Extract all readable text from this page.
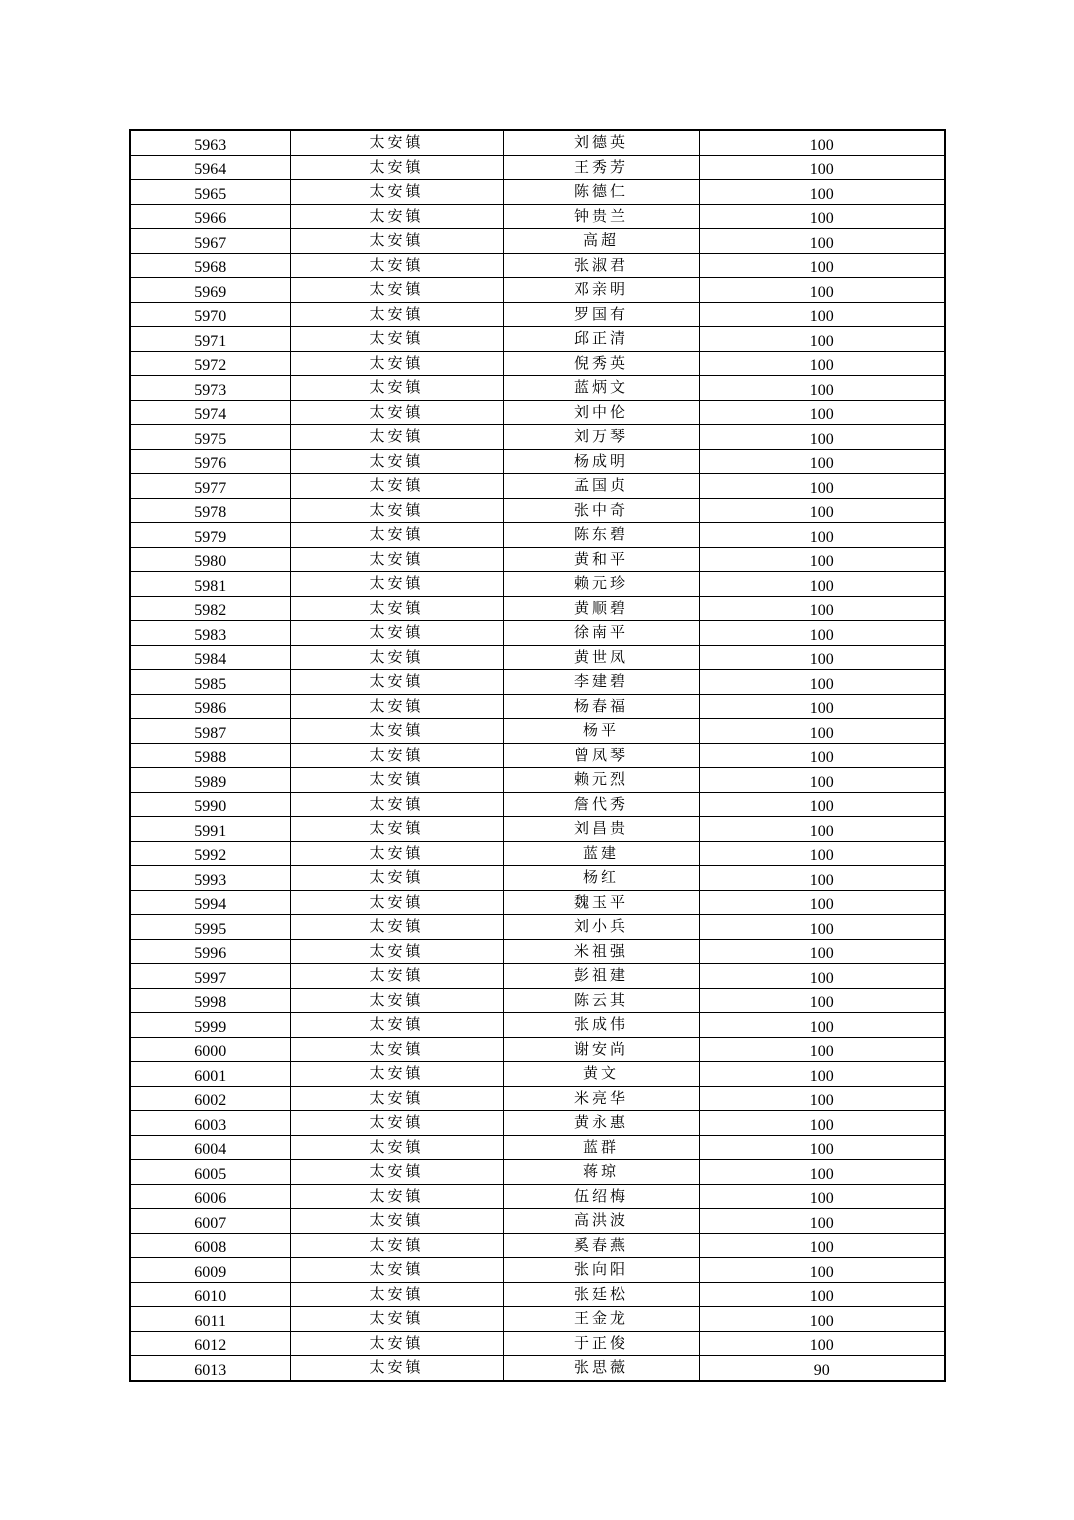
5963	太安镇	刘德英	100
5964	太安镇	王秀芳	100
5965	太安镇	陈德仁	100
5966	太安镇	钟贵兰	100
5967	太安镇	高超	100
5968	太安镇	张淑君	100
5969	太安镇	邓亲明	100
5970	太安镇	罗国有	100
5971	太安镇	邱正清	100
5972	太安镇	倪秀英	100
5973	太安镇	蓝炳文	100
5974	太安镇	刘中伦	100
5975	太安镇	刘万琴	100
5976	太安镇	杨成明	100
5977	太安镇	孟国贞	100
5978	太安镇	张中奇	100
5979	太安镇	陈东碧	100
5980	太安镇	黄和平	100
5981	太安镇	赖元珍	100
5982	太安镇	黄顺碧	100
5983	太安镇	徐南平	100
5984	太安镇	黄世凤	100
5985	太安镇	李建碧	100
5986	太安镇	杨春福	100
5987	太安镇	杨平	100
5988	太安镇	曾凤琴	100
5989	太安镇	赖元烈	100
5990	太安镇	詹代秀	100
5991	太安镇	刘昌贵	100
5992	太安镇	蓝建	100
5993	太安镇	杨红	100
5994	太安镇	魏玉平	100
5995	太安镇	刘小兵	100
5996	太安镇	米祖强	100
5997	太安镇	彭祖建	100
5998	太安镇	陈云其	100
5999	太安镇	张成伟	100
6000	太安镇	谢安尚	100
6001	太安镇	黄文	100
6002	太安镇	米亮华	100
6003	太安镇	黄永惠	100
6004	太安镇	蓝群	100
6005	太安镇	蒋琼	100
6006	太安镇	伍绍梅	100
6007	太安镇	高洪波	100
6008	太安镇	奚春燕	100
6009	太安镇	张向阳	100
6010	太安镇	张廷松	100
6011	太安镇	王金龙	100
6012	太安镇	于正俊	100
6013	太安镇	张思薇	90
